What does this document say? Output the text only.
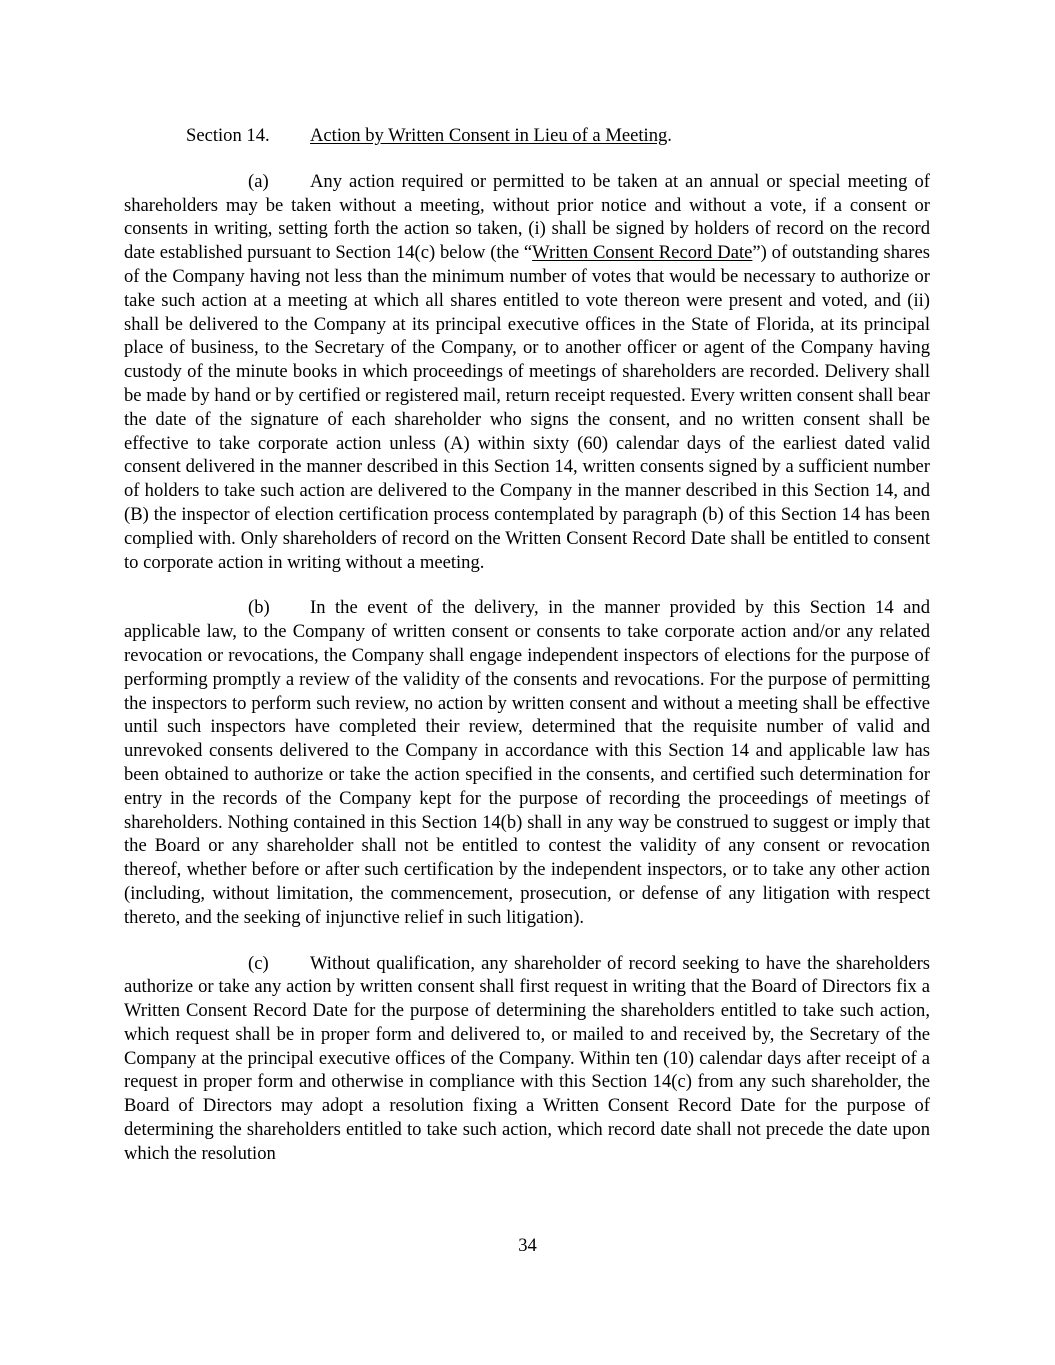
Section 14. Action by Written Consent in Lieu of a Meeting.

(a) Any action required or permitted to be taken at an annual or special meeting of shareholders may be taken without a meeting, without prior notice and without a vote, if a consent or consents in writing, setting forth the action so taken, (i) shall be signed by holders of record on the record date established pursuant to Section 14(c) below (the “Written Consent Record Date”) of outstanding shares of the Company having not less than the minimum number of votes that would be necessary to authorize or take such action at a meeting at which all shares entitled to vote thereon were present and voted, and (ii) shall be delivered to the Company at its principal executive offices in the State of Florida, at its principal place of business, to the Secretary of the Company, or to another officer or agent of the Company having custody of the minute books in which proceedings of meetings of shareholders are recorded. Delivery shall be made by hand or by certified or registered mail, return receipt requested. Every written consent shall bear the date of the signature of each shareholder who signs the consent, and no written consent shall be effective to take corporate action unless (A) within sixty (60) calendar days of the earliest dated valid consent delivered in the manner described in this Section 14, written consents signed by a sufficient number of holders to take such action are delivered to the Company in the manner described in this Section 14, and (B) the inspector of election certification process contemplated by paragraph (b) of this Section 14 has been complied with. Only shareholders of record on the Written Consent Record Date shall be entitled to consent to corporate action in writing without a meeting.

(b) In the event of the delivery, in the manner provided by this Section 14 and applicable law, to the Company of written consent or consents to take corporate action and/or any related revocation or revocations, the Company shall engage independent inspectors of elections for the purpose of performing promptly a review of the validity of the consents and revocations. For the purpose of permitting the inspectors to perform such review, no action by written consent and without a meeting shall be effective until such inspectors have completed their review, determined that the requisite number of valid and unrevoked consents delivered to the Company in accordance with this Section 14 and applicable law has been obtained to authorize or take the action specified in the consents, and certified such determination for entry in the records of the Company kept for the purpose of recording the proceedings of meetings of shareholders. Nothing contained in this Section 14(b) shall in any way be construed to suggest or imply that the Board or any shareholder shall not be entitled to contest the validity of any consent or revocation thereof, whether before or after such certification by the independent inspectors, or to take any other action (including, without limitation, the commencement, prosecution, or defense of any litigation with respect thereto, and the seeking of injunctive relief in such litigation).

(c) Without qualification, any shareholder of record seeking to have the shareholders authorize or take any action by written consent shall first request in writing that the Board of Directors fix a Written Consent Record Date for the purpose of determining the shareholders entitled to take such action, which request shall be in proper form and delivered to, or mailed to and received by, the Secretary of the Company at the principal executive offices of the Company. Within ten (10) calendar days after receipt of a request in proper form and otherwise in compliance with this Section 14(c) from any such shareholder, the Board of Directors may adopt a resolution fixing a Written Consent Record Date for the purpose of determining the shareholders entitled to take such action, which record date shall not precede the date upon which the resolution

34
